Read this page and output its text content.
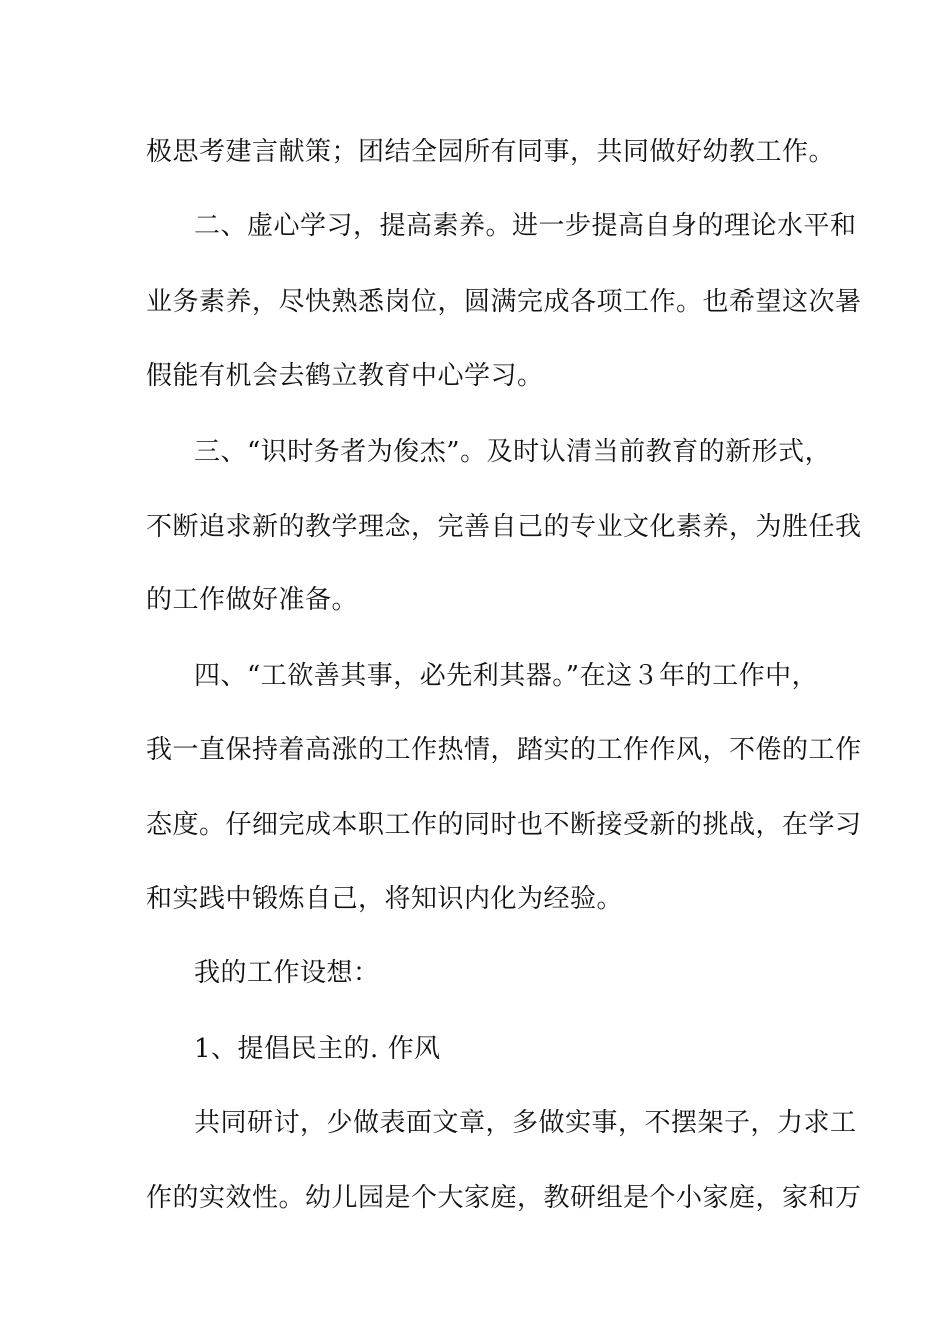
极思考建言献策；团结全园所有同事，共同做好幼教工作。
二、虚心学习，提高素养。进一步提高自身的理论水平和
业务素养，尽快熟悉岗位，圆满完成各项工作。也希望这次暑
假能有机会去鹤立教育中心学习。
三、“识时务者为俊杰”。及时认清当前教育的新形式，
不断追求新的教学理念，完善自己的专业文化素养，为胜任我
的工作做好准备。
四、“工欲善其事，必先利其器。”在这３年的工作中，
我一直保持着高涨的工作热情，踏实的工作作风，不倦的工作
态度。仔细完成本职工作的同时也不断接受新的挑战，在学习
和实践中锻炼自己，将知识内化为经验。
我的工作设想：
1、提倡民主的. 作风
共同研讨，少做表面文章，多做实事，不摆架子，力求工
作的实效性。幼儿园是个大家庭，教研组是个小家庭，家和万
